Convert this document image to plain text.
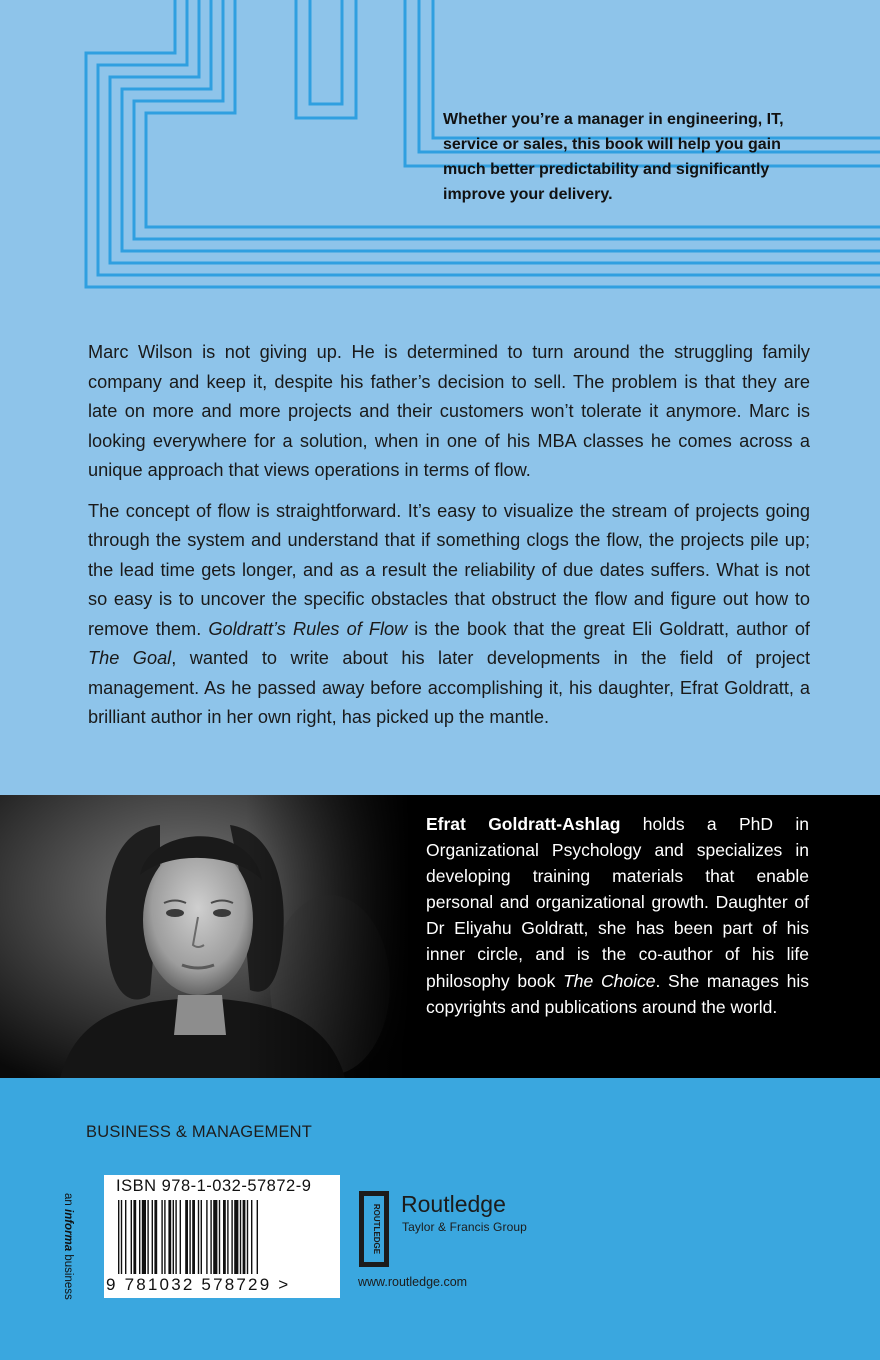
Whether you’re a manager in engineering, IT, service or sales, this book will help you gain much better predictability and significantly improve your delivery.

Marc Wilson is not giving up. He is determined to turn around the struggling family company and keep it, despite his father’s decision to sell. The problem is that they are late on more and more projects and their customers won’t tolerate it anymore. Marc is looking everywhere for a solution, when in one of his MBA classes he comes across a unique approach that views operations in terms of flow.

The concept of flow is straightforward. It’s easy to visualize the stream of projects going through the system and understand that if something clogs the flow, the projects pile up; the lead time gets longer, and as a result the reliability of due dates suffers. What is not so easy is to uncover the specific obstacles that obstruct the flow and figure out how to remove them. Goldratt’s Rules of Flow is the book that the great Eli Goldratt, author of The Goal, wanted to write about his later developments in the field of project management. As he passed away before accomplishing it, his daughter, Efrat Goldratt, a brilliant author in her own right, has picked up the mantle.

Efrat Goldratt-Ashlag holds a PhD in Organizational Psychology and specializes in developing training materials that enable personal and organizational growth. Daughter of Dr Eliyahu Goldratt, she has been part of his inner circle, and is the co-author of his life philosophy book The Choice. She manages his copyrights and publications around the world.

BUSINESS & MANAGEMENT
an informa business
ISBN 978-1-032-57872-9
9 781032 578729 >
ROUTLEDGE Routledge
Taylor & Francis Group
www.routledge.com
